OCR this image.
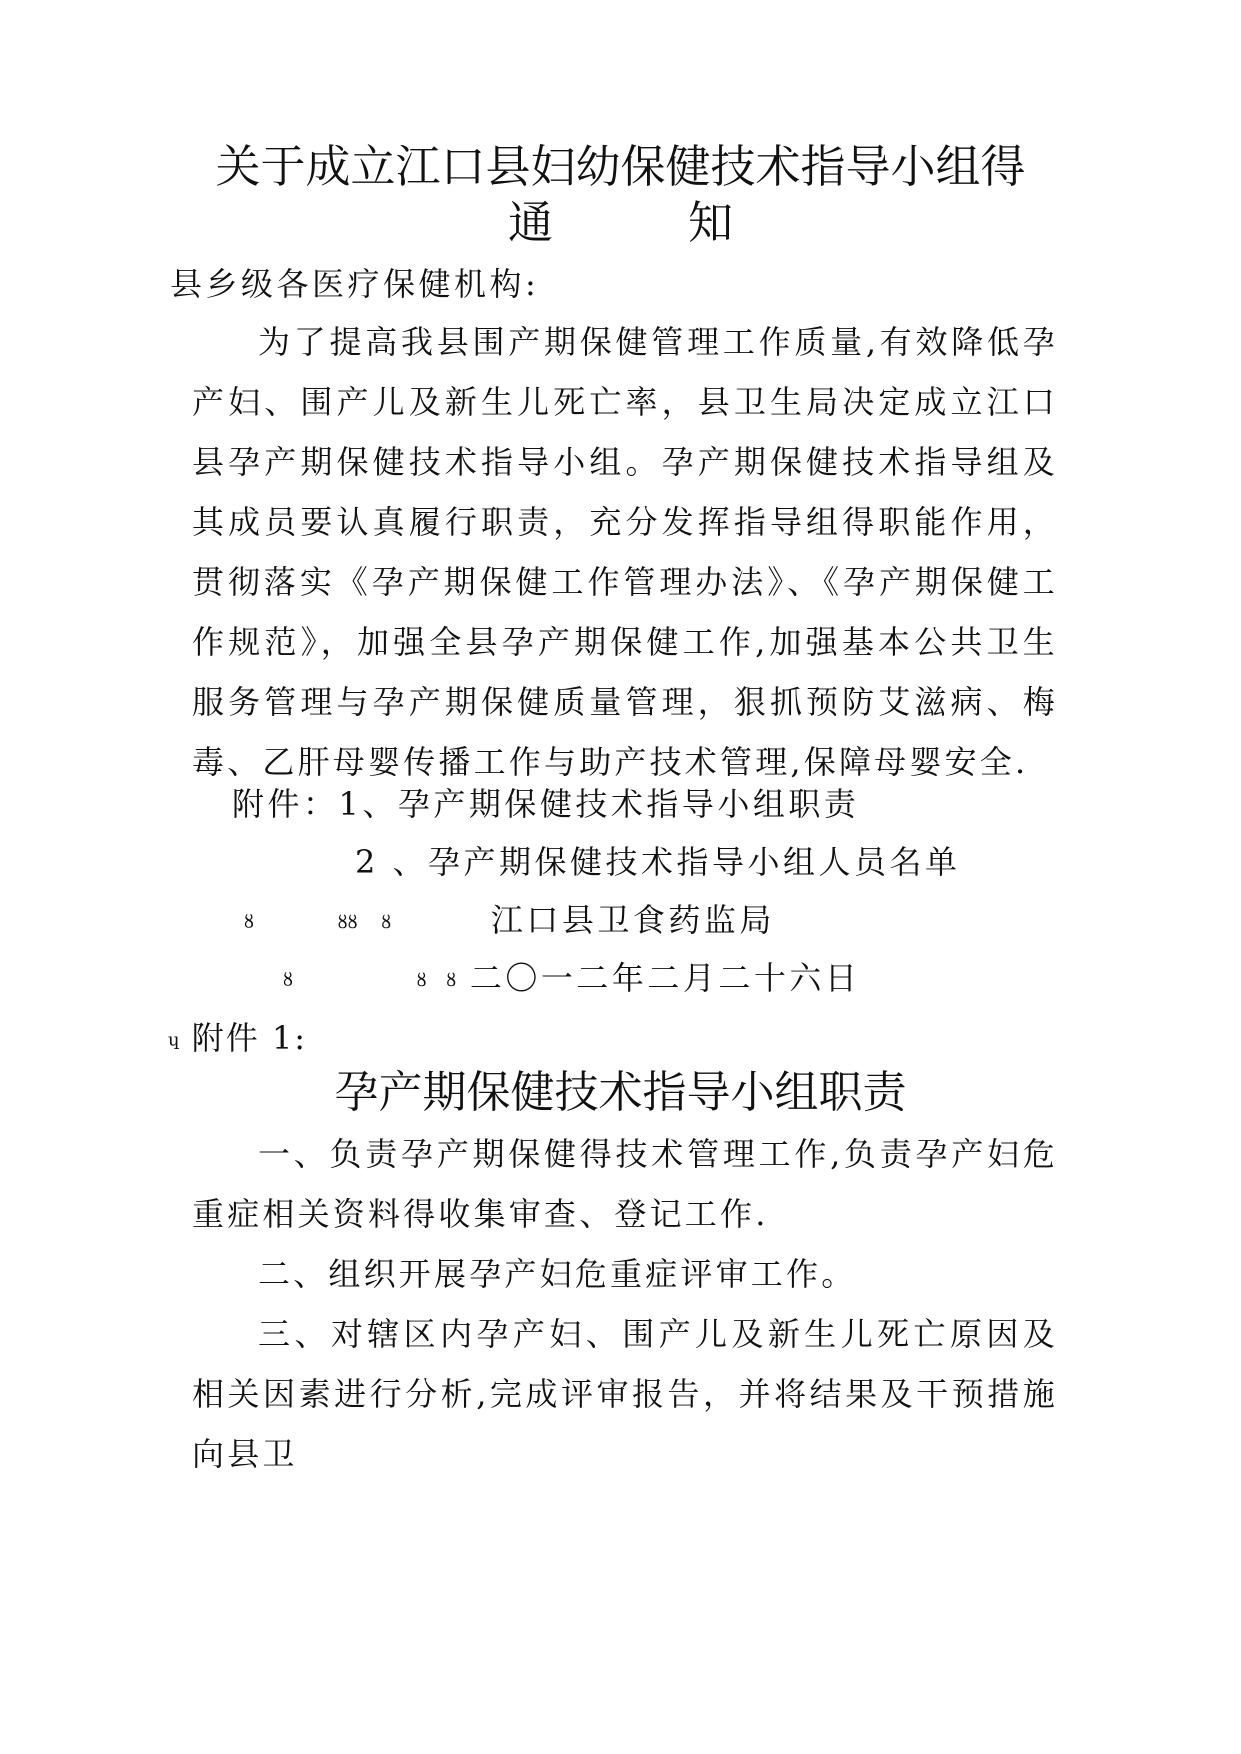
关于成立江口县妇幼保健技术指导小组得
通　　　知
县乡级各医疗保健机构:

为了提高我县围产期保健管理工作质量,有效降低孕产妇、围产儿及新生儿死亡率，县卫生局决定成立江口县孕产期保健技术指导小组。孕产期保健技术指导组及其成员要认真履行职责，充分发挥指导组得职能作用，贯彻落实《孕产期保健工作管理办法》、《孕产期保健工作规范》，加强全县孕产期保健工作,加强基本公共卫生服务管理与孕产期保健质量管理，狠抓预防艾滋病、梅毒、乙肝母婴传播工作与助产技术管理,保障母婴安全.

附件：1、孕产期保健技术指导小组职责
2 、孕产期保健技术指导小组人员名单
ȣ	ȣȣ ȣ	江口县卫食药监局
ȣ	ȣ ȣ 二〇一二年二月二十六日
ɥ 附件 1:
孕产期保健技术指导小组职责

一、负责孕产期保健得技术管理工作,负责孕产妇危重症相关资料得收集审查、登记工作.

二、组织开展孕产妇危重症评审工作。

三、对辖区内孕产妇、围产儿及新生儿死亡原因及相关因素进行分析,完成评审报告，并将结果及干预措施向县卫
